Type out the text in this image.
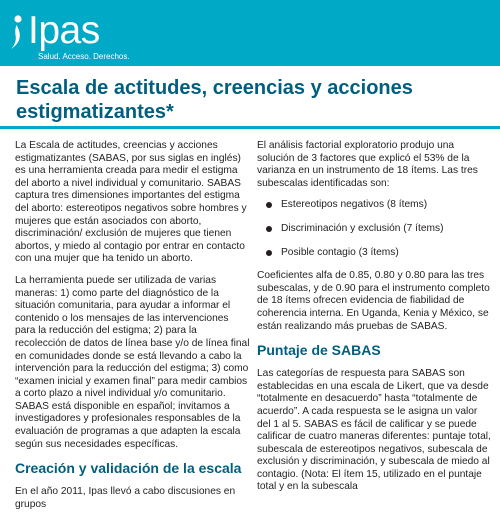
Ipas
Salud. Acceso. Derechos.
Escala de actitudes, creencias y acciones estigmatizantes*

La Escala de actitudes, creencias y acciones estigmatizantes (SABAS, por sus siglas en inglés) es una herramienta creada para medir el estigma del aborto a nivel individual y comunitario. SABAS captura tres dimensiones importantes del estigma del aborto: estereotipos negativos sobre hombres y mujeres que están asociados con aborto, discriminación/ exclusión de mujeres que tienen abortos, y miedo al contagio por entrar en contacto con una mujer que ha tenido un aborto.

La herramienta puede ser utilizada de varias maneras: 1) como parte del diagnóstico de la situación comunitaria, para ayudar a informar el contenido o los mensajes de las intervenciones para la reducción del estigma; 2) para la recolección de datos de línea base y/o de línea final en comunidades donde se está llevando a cabo la intervención para la reducción del estigma; 3) como “examen inicial y examen final” para medir cambios a corto plazo a nivel individual y/o comunitario. SABAS está disponible en español; invitamos a investigadores y profesionales responsables de la evaluación de programas a que adapten la escala según sus necesidades específicas.

Creación y validación de la escala

En el año 2011, Ipas llevó a cabo discusiones en grupos

El análisis factorial exploratorio produjo una solución de 3 factores que explicó el 53% de la varianza en un instrumento de 18 ítems. Las tres subescalas identificadas son:

Estereotipos negativos (8 ítems)
Discriminación y exclusión (7 ítems)
Posible contagio (3 ítems)

Coeficientes alfa de 0.85, 0.80 y 0.80 para las tres subescalas, y de 0.90 para el instrumento completo de 18 ítems ofrecen evidencia de fiabilidad de coherencia interna. En Uganda, Kenia y México, se están realizando más pruebas de SABAS.

Puntaje de SABAS

Las categorías de respuesta para SABAS son establecidas en una escala de Likert, que va desde “totalmente en desacuerdo” hasta “totalmente de acuerdo”. A cada respuesta se le asigna un valor del 1 al 5. SABAS es fácil de calificar y se puede calificar de cuatro maneras diferentes: puntaje total, subescala de estereotipos negativos, subescala de exclusión y discriminación, y subescala de miedo al contagio. (Nota: El ítem 15, utilizado en el puntaje total y en la subescala
